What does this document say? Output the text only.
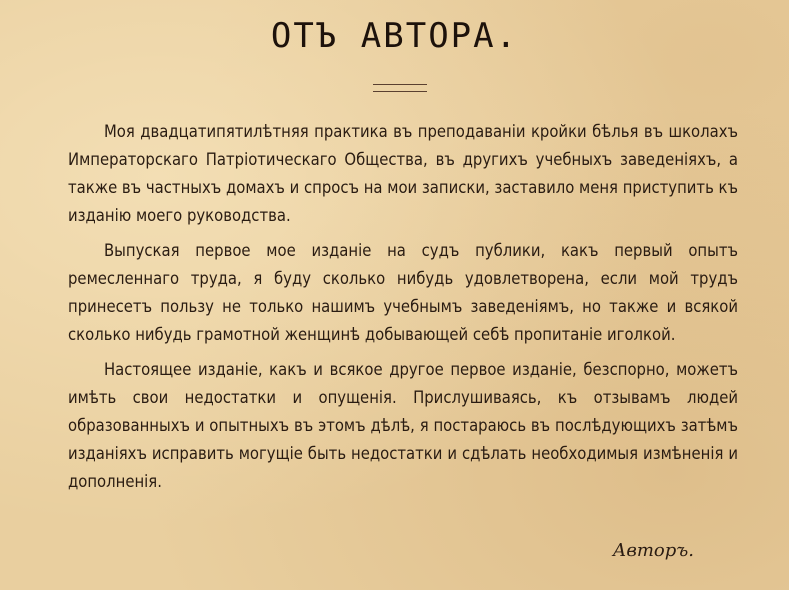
ОТЪ АВТОРА.

Моя двадцатипятилѣтняя практика въ преподаваніи кройки бѣлья въ школахъ Императорскаго Патріотическаго Общества, въ другихъ учебныхъ заведеніяхъ, а также въ частныхъ домахъ и спросъ на мои записки, заставило меня приступить къ изданію моего руководства.

Выпуская первое мое изданіе на судъ публики, какъ первый опытъ ремесленнаго труда, я буду сколько нибудь удовлетворена, если мой трудъ принесетъ пользу не только нашимъ учебнымъ заведеніямъ, но также и всякой сколько нибудь грамотной женщинѣ добывающей себѣ пропитаніе иголкой.

Настоящее изданіе, какъ и всякое другое первое изданіе, безспорно, можетъ имѣть свои недостатки и опущенія. Прислушиваясь, къ отзывамъ людей образованныхъ и опытныхъ въ этомъ дѣлѣ, я постараюсь въ послѣдующихъ затѣмъ изданіяхъ исправить могущіе быть недостатки и сдѣлать необходимыя измѣненія и дополненія.

Авторъ.
